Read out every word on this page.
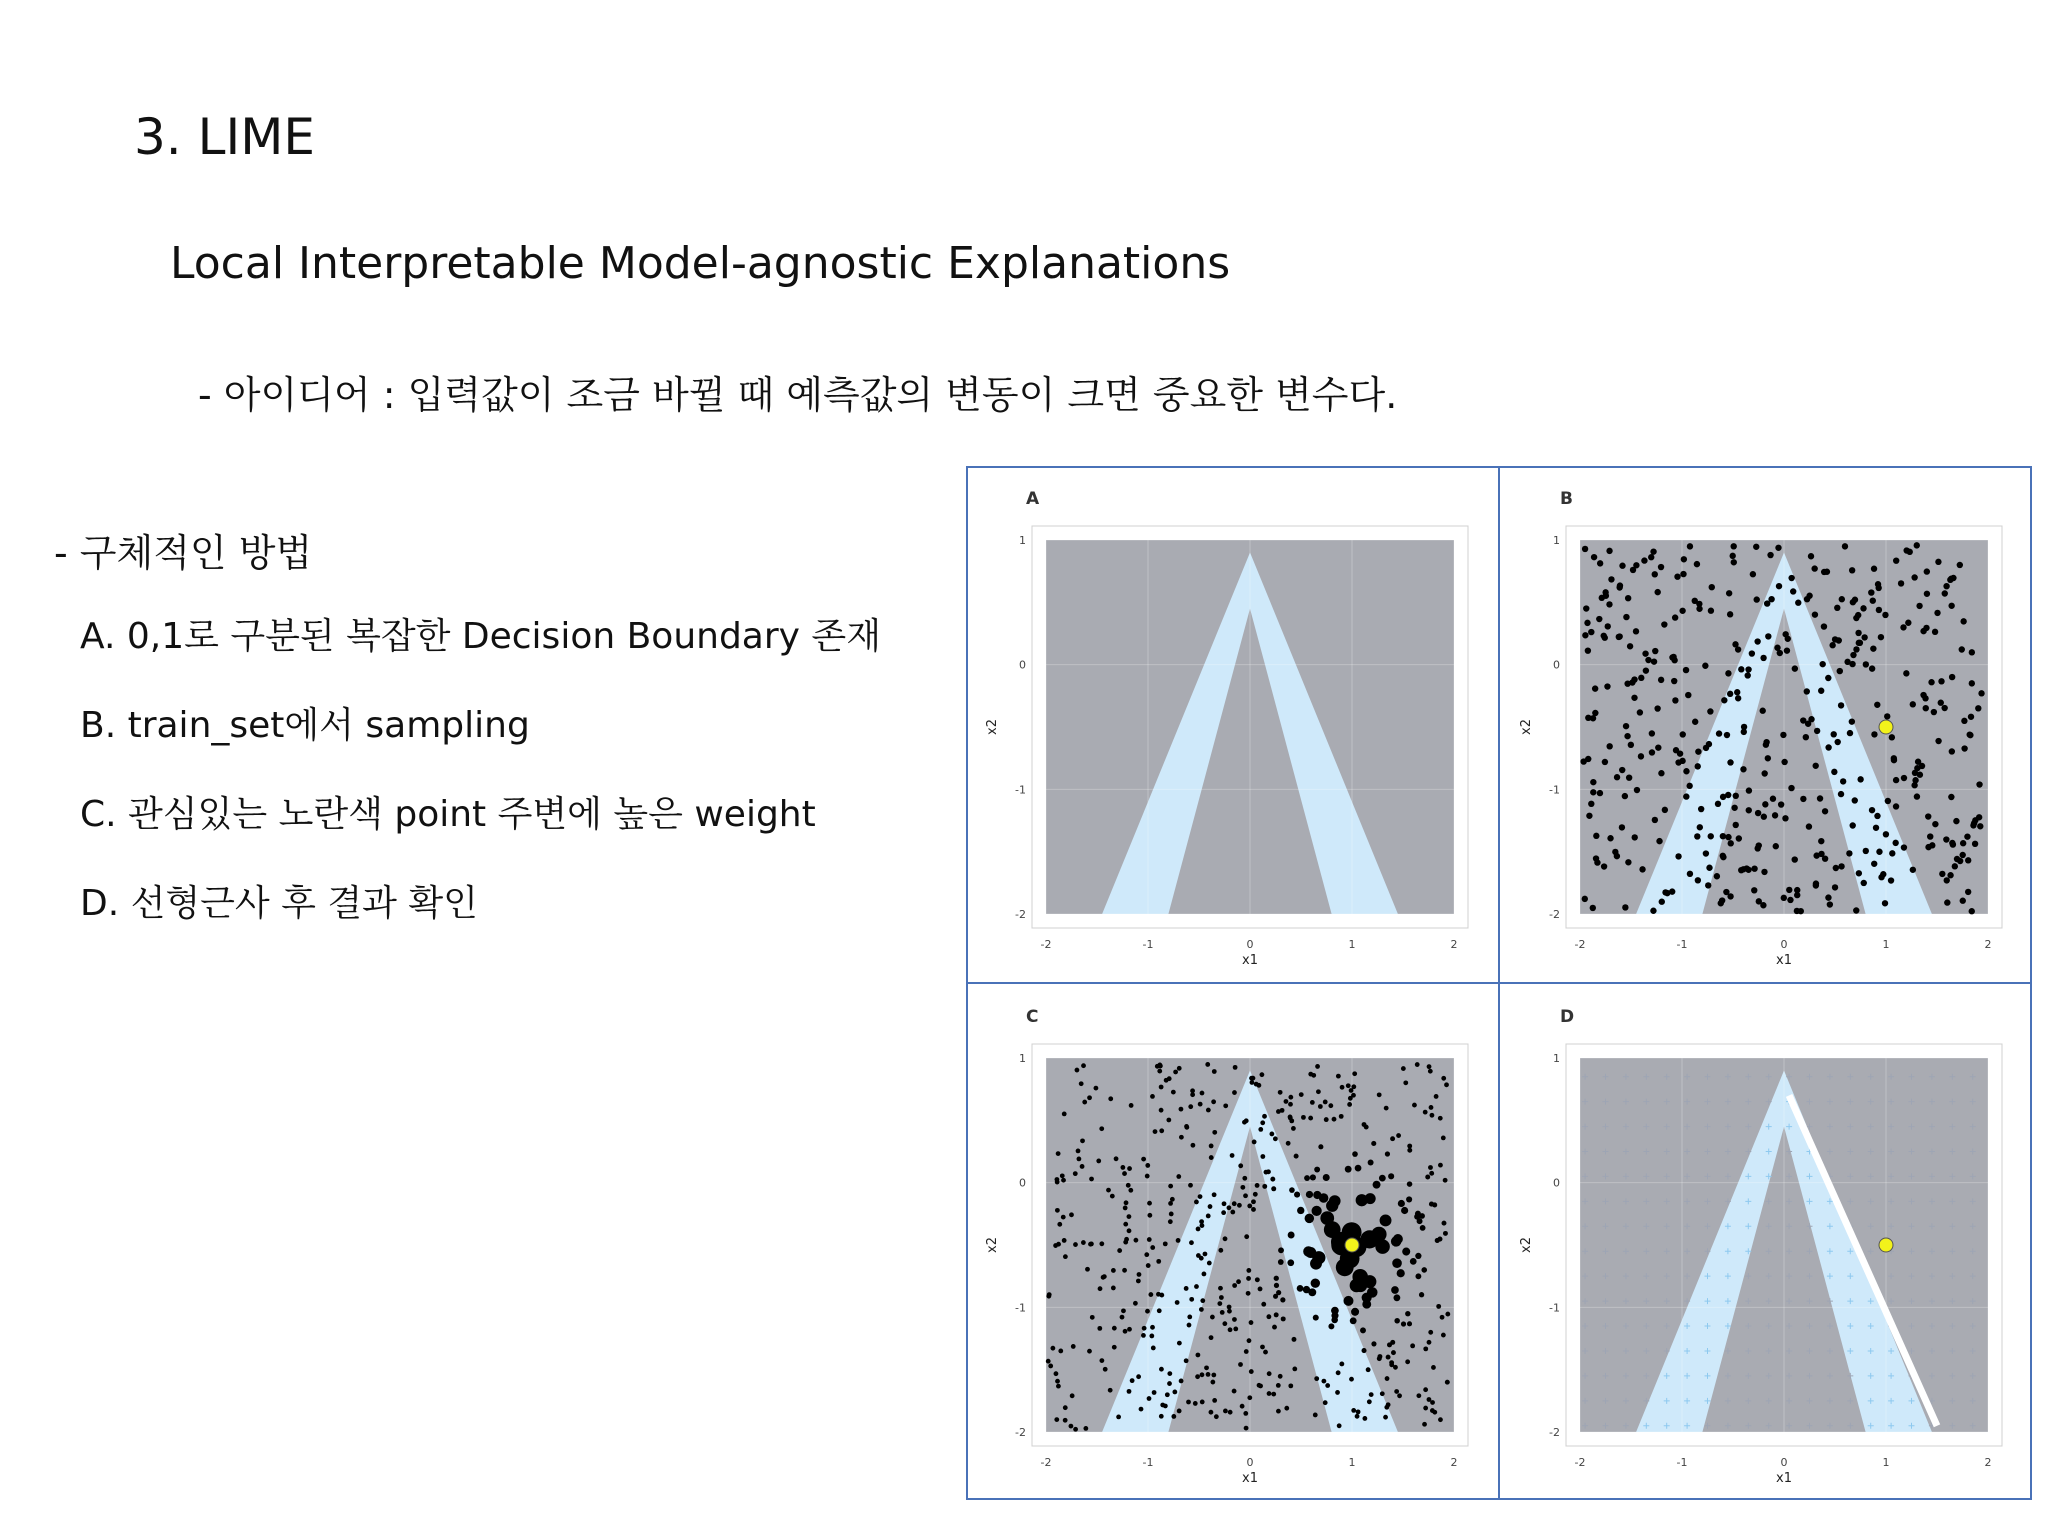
3. LIME
Local Interpretable Model-agnostic Explanations
- 아이디어 : 입력값이 조금 바뀔 때 예측값의 변동이 크면 중요한 변수다.
- 구체적인 방법
A. 0,1로 구분된 복잡한 Decision Boundary 존재
B. train_set에서 sampling
C. 관심있는 노란색 point 주변에 높은 weight
D. 선형근사 후 결과 확인
-2	-1	0	1	2
-2
-1
0
1
x1
x2
A
-2	-1	0	1	2
-2
-1
0
1
x1
x2
B
-2	-1	0	1	2
-2
-1
0
1
x1
x2
C
-2	-1	0	1	2
-2
-1
0
1
x1
x2
D
